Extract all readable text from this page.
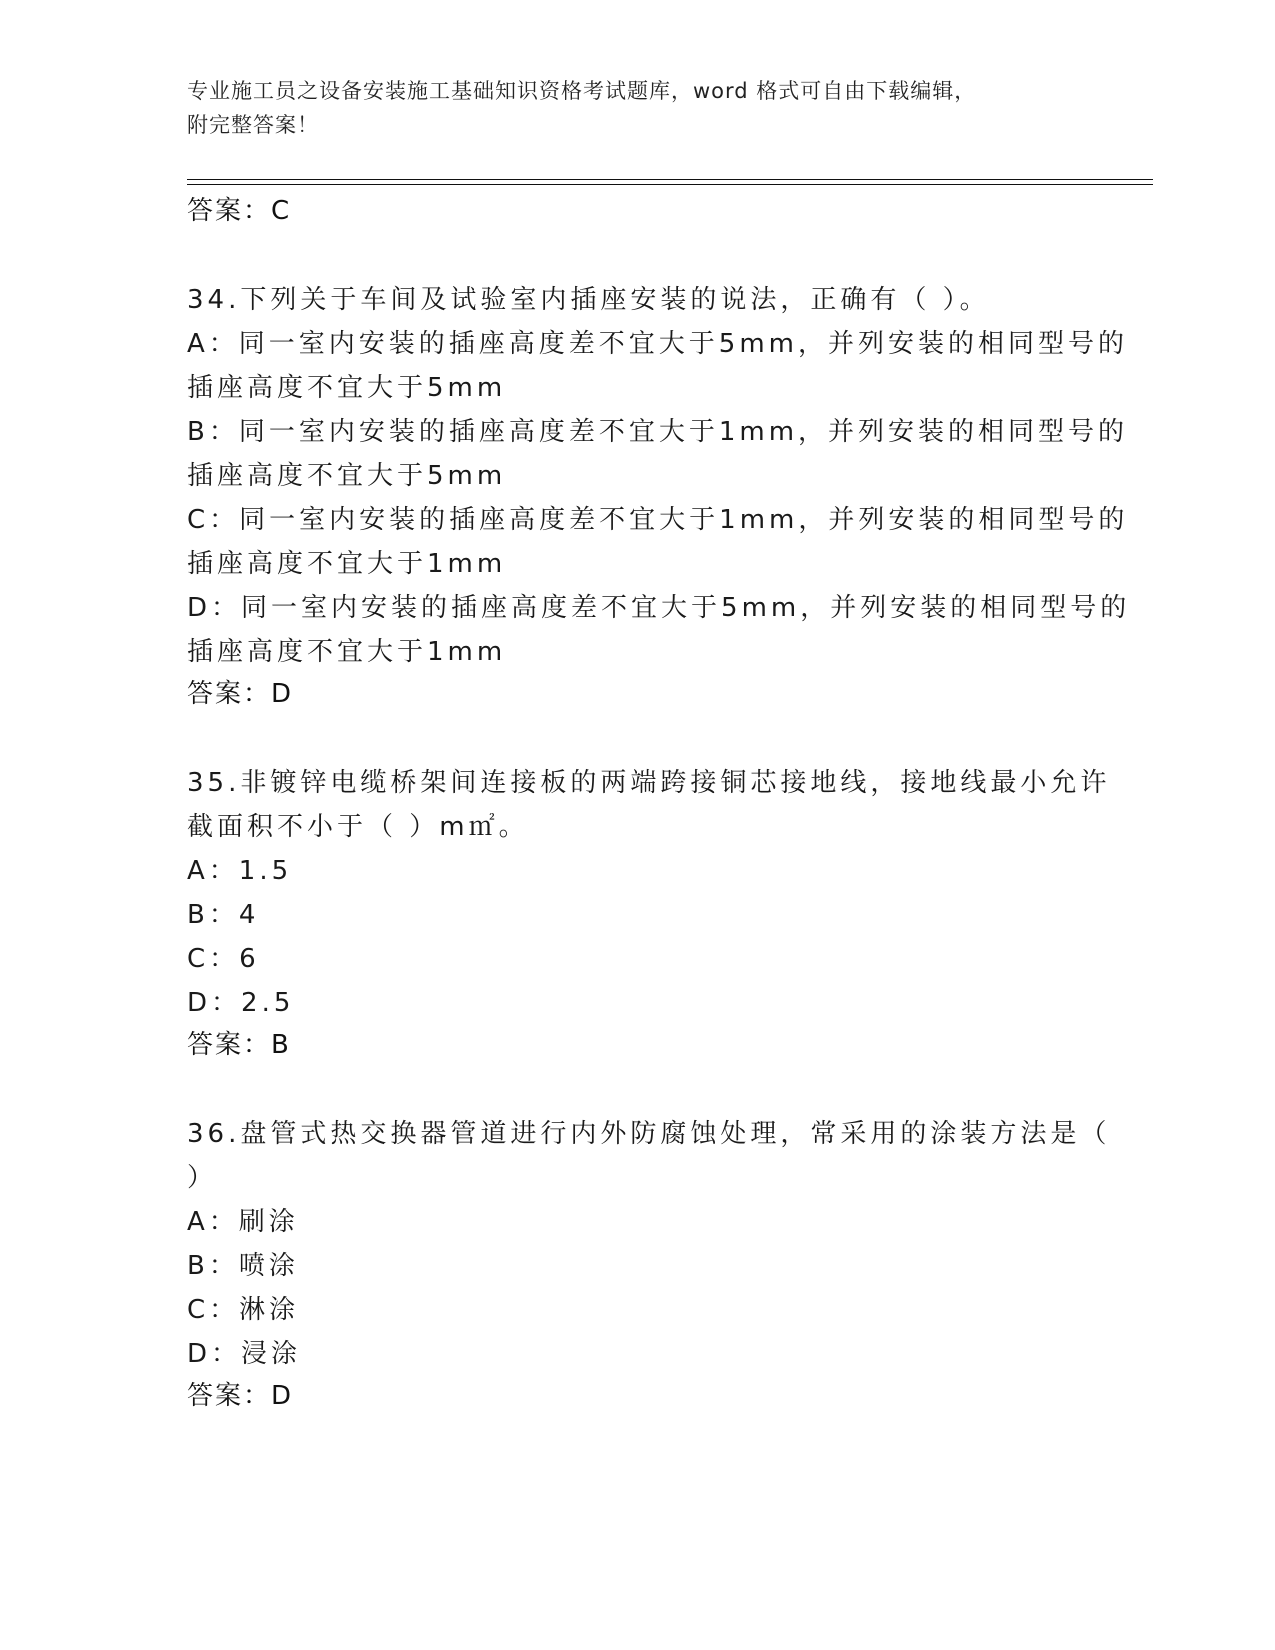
专业施工员之设备安装施工基础知识资格考试题库，word 格式可自由下载编辑，
附完整答案！
答案：C
34.下列关于车间及试验室内插座安装的说法，正确有（ ）。
A：同一室内安装的插座高度差不宜大于5mm，并列安装的相同型号的
插座高度不宜大于5mm
B：同一室内安装的插座高度差不宜大于1mm，并列安装的相同型号的
插座高度不宜大于5mm
C：同一室内安装的插座高度差不宜大于1mm，并列安装的相同型号的
插座高度不宜大于1mm
D：同一室内安装的插座高度差不宜大于5mm，并列安装的相同型号的
插座高度不宜大于1mm
答案：D
35.非镀锌电缆桥架间连接板的两端跨接铜芯接地线，接地线最小允许
截面积不小于（ ）m㎡。
A：1.5
B：4
C：6
D：2.5
答案：B
36.盘管式热交换器管道进行内外防腐蚀处理，常采用的涂装方法是（
）
A：刷涂
B：喷涂
C：淋涂
D：浸涂
答案：D
